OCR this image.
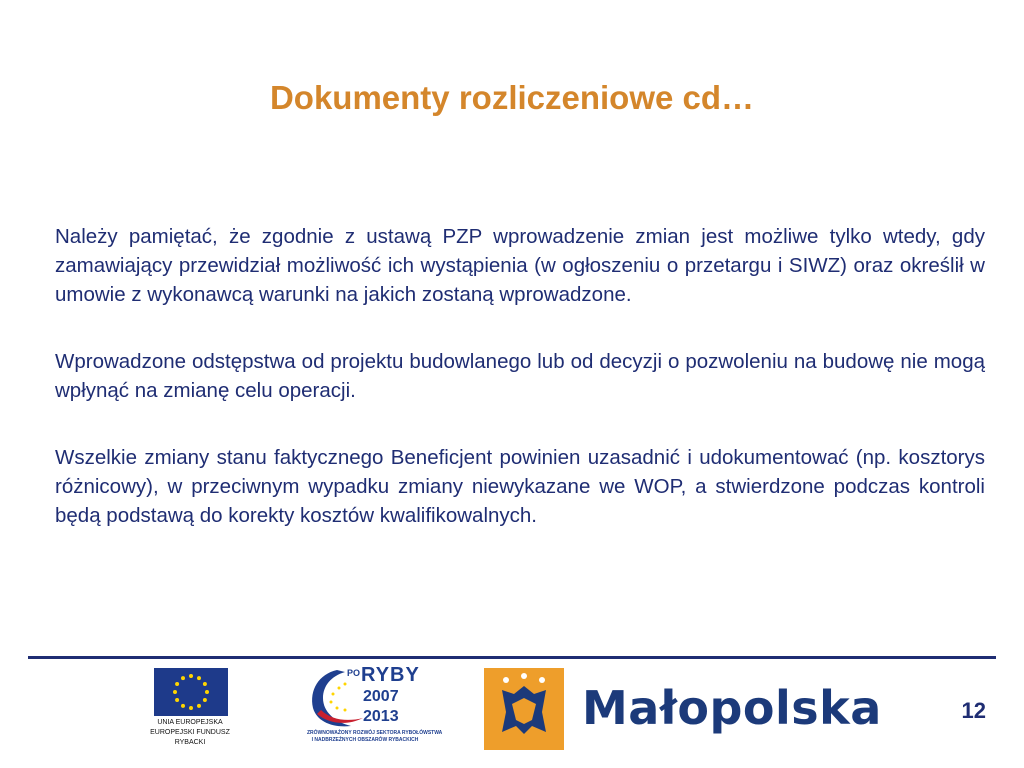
Dokumenty rozliczeniowe cd…

Należy pamiętać, że zgodnie z ustawą PZP wprowadzenie zmian jest możliwe tylko wtedy, gdy zamawiający przewidział możliwość ich wystąpienia (w ogłoszeniu o przetargu i SIWZ) oraz określił w umowie z wykonawcą warunki na jakich zostaną wprowadzone.

Wprowadzone odstępstwa od projektu budowlanego lub od decyzji o pozwoleniu na budowę nie mogą wpłynąć na zmianę celu operacji.

Wszelkie zmiany stanu faktycznego Beneficjent powinien uzasadnić i udokumentować (np. kosztorys różnicowy), w przeciwnym wypadku zmiany niewykazane we WOP, a stwierdzone podczas kontroli będą podstawą do korekty kosztów kwalifikowalnych.

UNIA EUROPEJSKA
EUROPEJSKI FUNDUSZ
RYBACKI
PO RYBY
2007
2013
ZRÓWNOWAŻONY ROZWÓJ SEKTORA RYBOŁÓWSTWA
I NADBRZEŻNYCH OBSZARÓW RYBACKICH
Małopolska	12
